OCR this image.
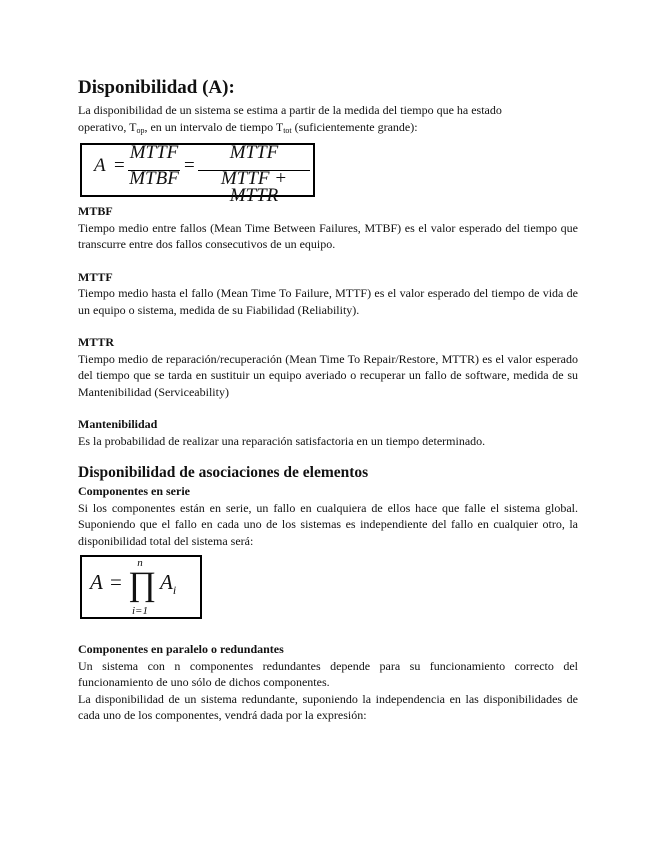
Disponibilidad (A):

La disponibilidad de un sistema se estima a partir de la medida del tiempo que ha estado

operativo, $T_{op}$, en un intervalo de tiempo $T_{tot}$ (suficientemente grande):

A =
MTTF
MTBF
=
MTTF
MTTF + MTTR

MTBF

Tiempo medio entre fallos (Mean Time Between Failures, MTBF) es el valor esperado del tiempo que transcurre entre dos fallos consecutivos de un equipo.

MTTF

Tiempo medio hasta el fallo (Mean Time To Failure, MTTF) es el valor esperado del tiempo de vida de un equipo o sistema, medida de su Fiabilidad (Reliability).

MTTR

Tiempo medio de reparación/recuperación (Mean Time To Repair/Restore, MTTR) es el valor esperado del tiempo que se tarda en sustituir un equipo averiado o recuperar un fallo de software, medida de su Mantenibilidad (Serviceability)

Mantenibilidad

Es la probabilidad de realizar una reparación satisfactoria en un tiempo determinado.

Disponibilidad de asociaciones de elementos

Componentes en serie

Si los componentes están en serie, un fallo en cualquiera de ellos hace que falle el sistema global. Suponiendo que el fallo en cada uno de los sistemas es independiente del fallo en cualquier otro, la disponibilidad total del sistema será:

A =
n
∏
i=1
$A_i$

Componentes en paralelo o redundantes

Un sistema con n componentes redundantes depende para su funcionamiento correcto del funcionamiento de uno sólo de dichos componentes.

La disponibilidad de un sistema redundante, suponiendo la independencia en las disponibilidades de cada uno de los componentes, vendrá dada por la expresión:
